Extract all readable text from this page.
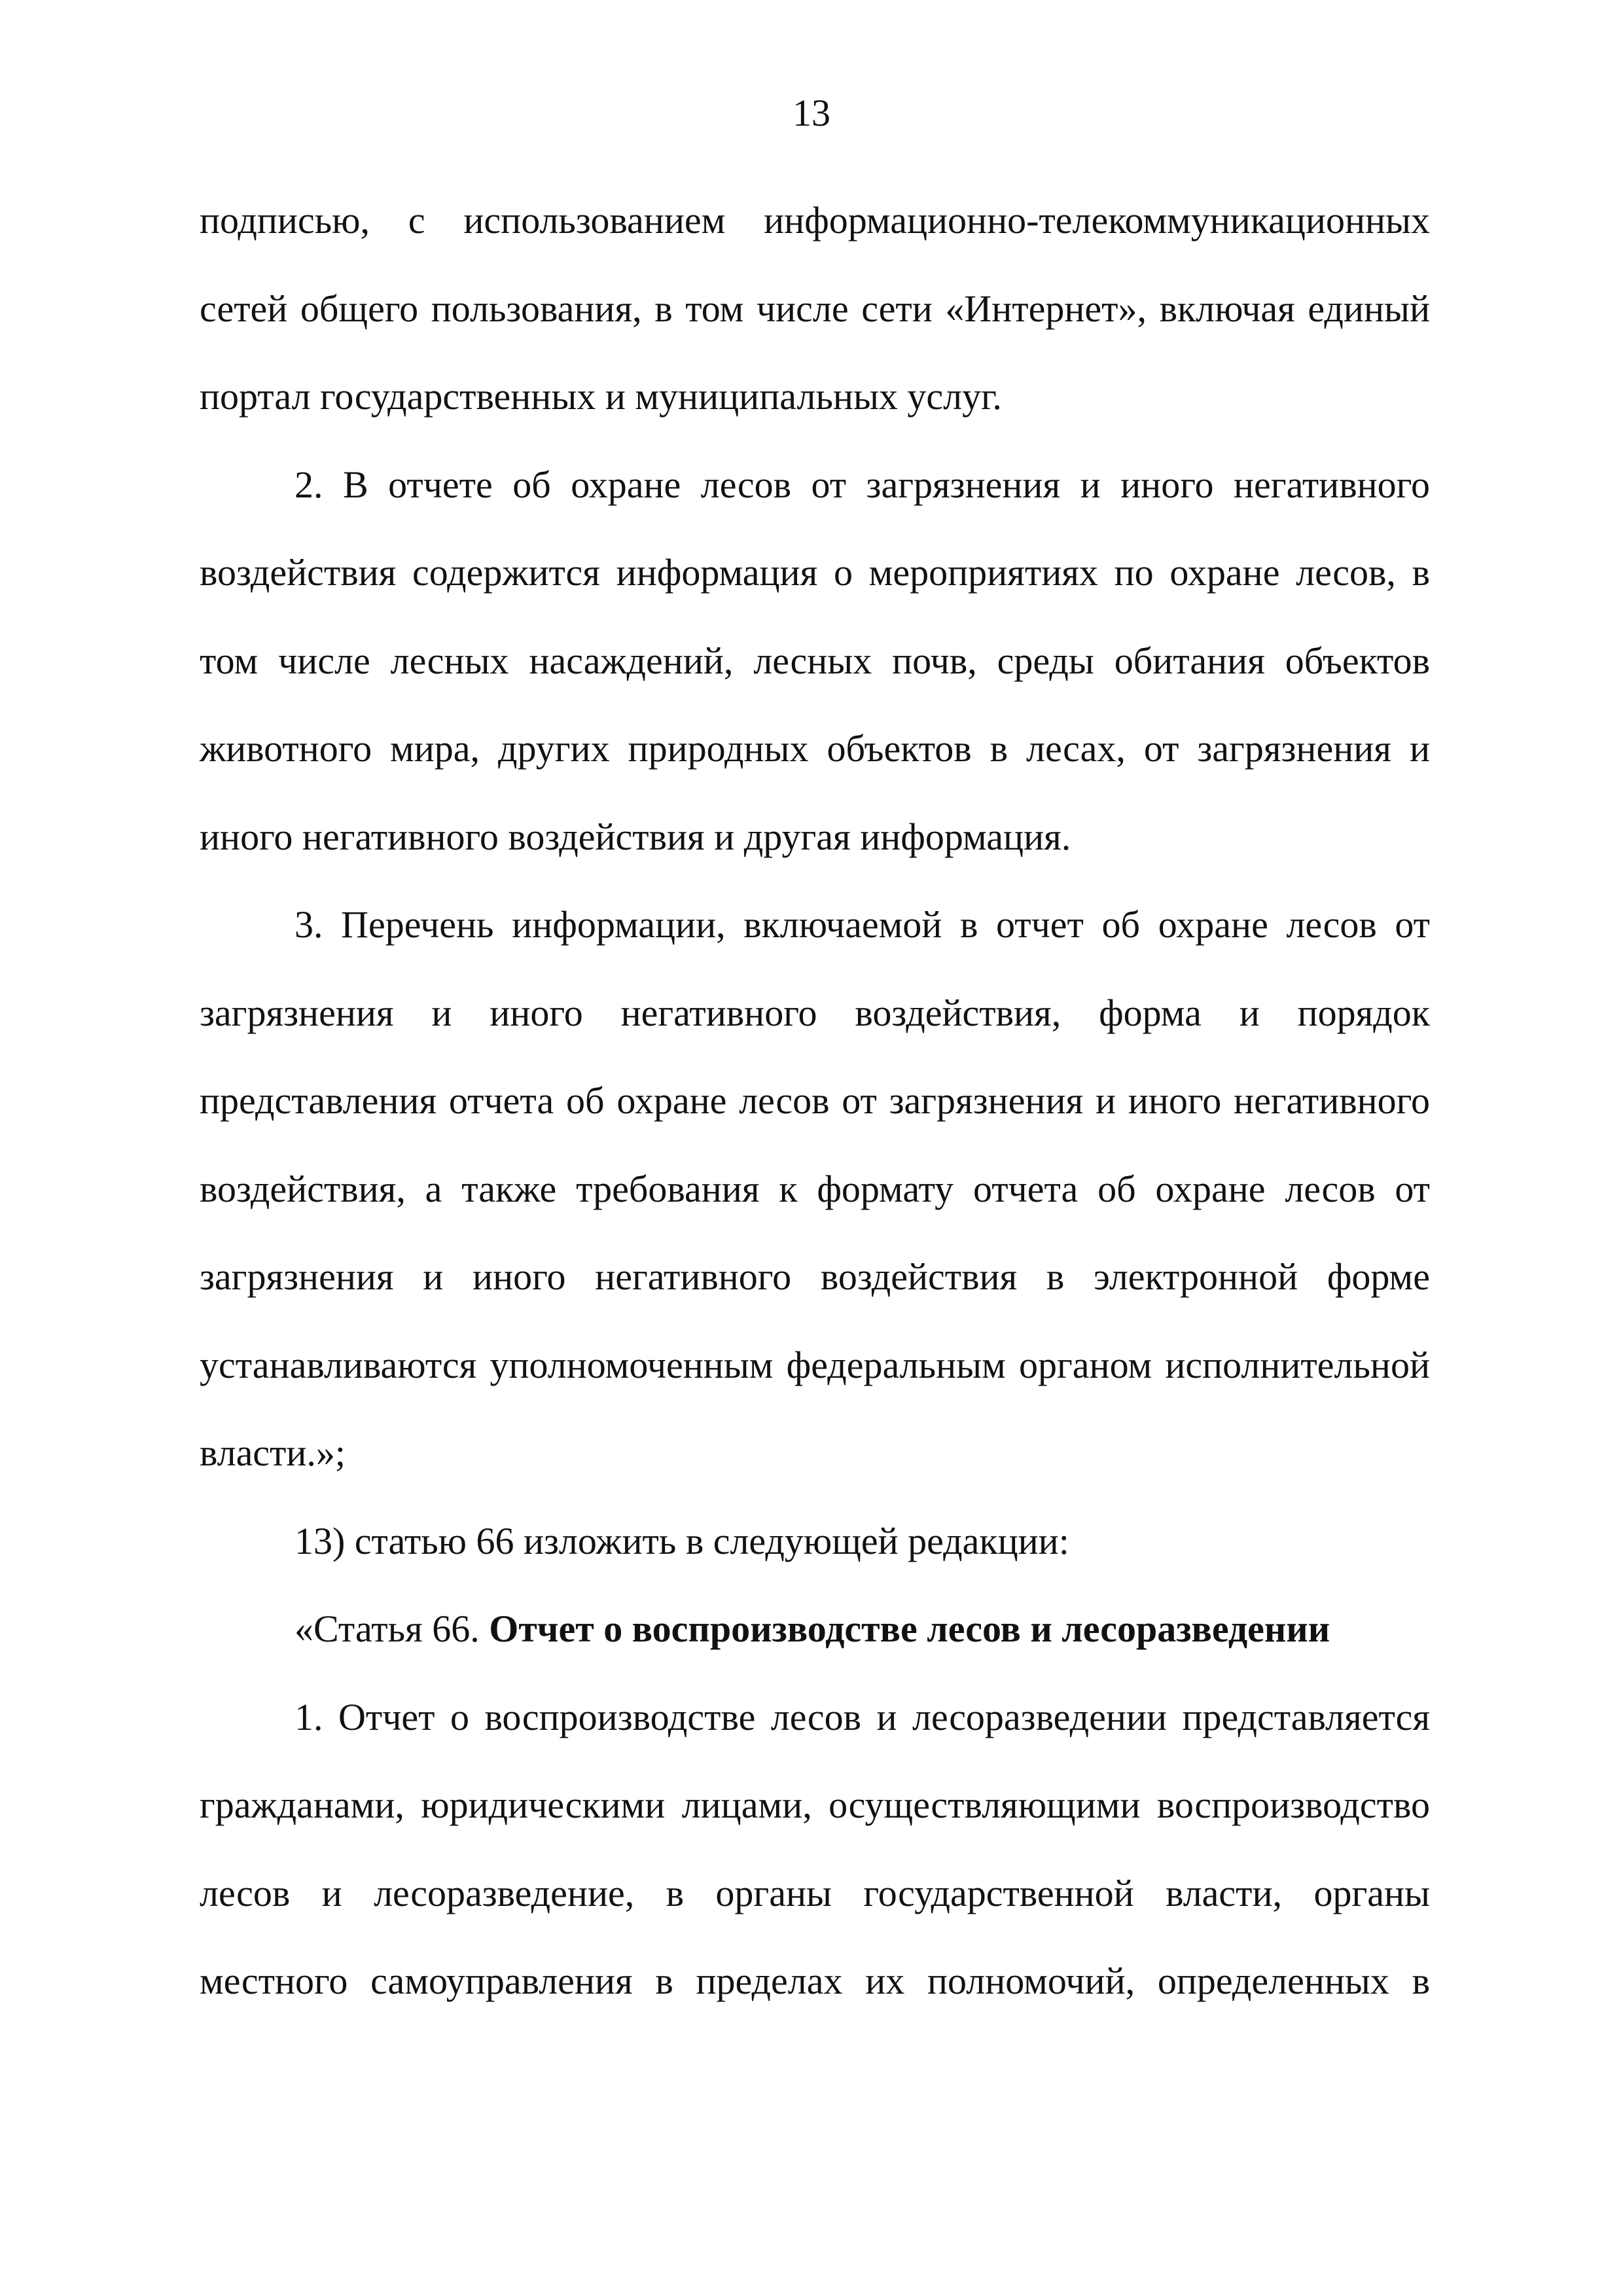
13

подписью, с использованием информационно-телекоммуникационных сетей общего пользования, в том числе сети «Интернет», включая единый портал государственных и муниципальных услуг.

2. В отчете об охране лесов от загрязнения и иного негативного воздействия содержится информация о мероприятиях по охране лесов, в том числе лесных насаждений, лесных почв, среды обитания объектов животного мира, других природных объектов в лесах, от загрязнения и иного негативного воздействия и другая информация.

3. Перечень информации, включаемой в отчет об охране лесов от загрязнения и иного негативного воздействия, форма и порядок представления отчета об охране лесов от загрязнения и иного негативного воздействия, а также требования к формату отчета об охране лесов от загрязнения и иного негативного воздействия в электронной форме устанавливаются уполномоченным федеральным органом исполнительной власти.»;

13) статью 66 изложить в следующей редакции:

«Статья 66. Отчет о воспроизводстве лесов и лесоразведении

1. Отчет о воспроизводстве лесов и лесоразведении представляется гражданами, юридическими лицами, осуществляющими воспроизводство лесов и лесоразведение, в органы государственной власти, органы местного самоуправления в пределах их полномочий, определенных в
